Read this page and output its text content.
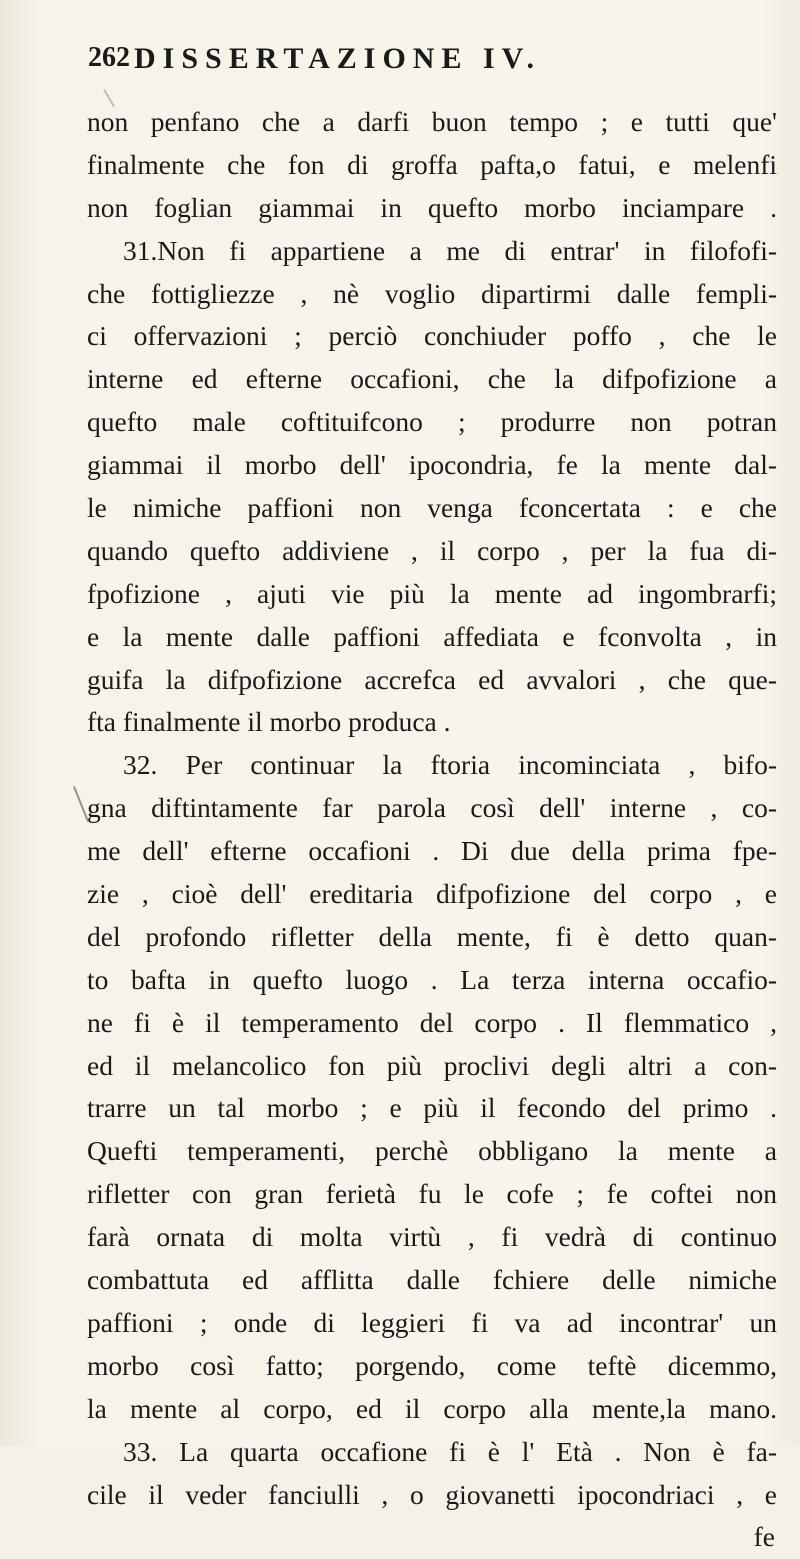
262 DISSERTAZIONE IV.
non penfano che a darfi buon tempo ; e tutti que'
finalmente che fon di groffa pafta,o fatui, e melenfi
non foglian giammai in quefto morbo inciampare .
31.Non fi appartiene a me di entrar' in filofofi-
che fottigliezze , nè voglio dipartirmi dalle fempli-
ci offervazioni ; perciò conchiuder poffo , che le
interne ed efterne occafioni, che la difpofizione a
quefto male coftituifcono ; produrre non potran
giammai il morbo dell' ipocondria, fe la mente dal-
le nimiche paffioni non venga fconcertata : e che
quando quefto addiviene , il corpo , per la fua di-
fpofizione , ajuti vie più la mente ad ingombrarfi;
e la mente dalle paffioni affediata e fconvolta , in
guifa la difpofizione accrefca ed avvalori , che que-
fta finalmente il morbo produca .
32. Per continuar la ftoria incominciata , bifo-
gna diftintamente far parola così dell' interne , co-
me dell' efterne occafioni . Di due della prima fpe-
zie , cioè dell' ereditaria difpofizione del corpo , e
del profondo rifletter della mente, fi è detto quan-
to bafta in quefto luogo . La terza interna occafio-
ne fi è il temperamento del corpo . Il flemmatico ,
ed il melancolico fon più proclivi degli altri a con-
trarre un tal morbo ; e più il fecondo del primo .
Quefti temperamenti, perchè obbligano la mente a
rifletter con gran ferietà fu le cofe ; fe coftei non
farà ornata di molta virtù , fi vedrà di continuo
combattuta ed afflitta dalle fchiere delle nimiche
paffioni ; onde di leggieri fi va ad incontrar' un
morbo così fatto; porgendo, come teftè dicemmo,
la mente al corpo, ed il corpo alla mente,la mano.
33. La quarta occafione fi è l' Età . Non è fa-
cile il veder fanciulli , o giovanetti ipocondriaci , e
fe
